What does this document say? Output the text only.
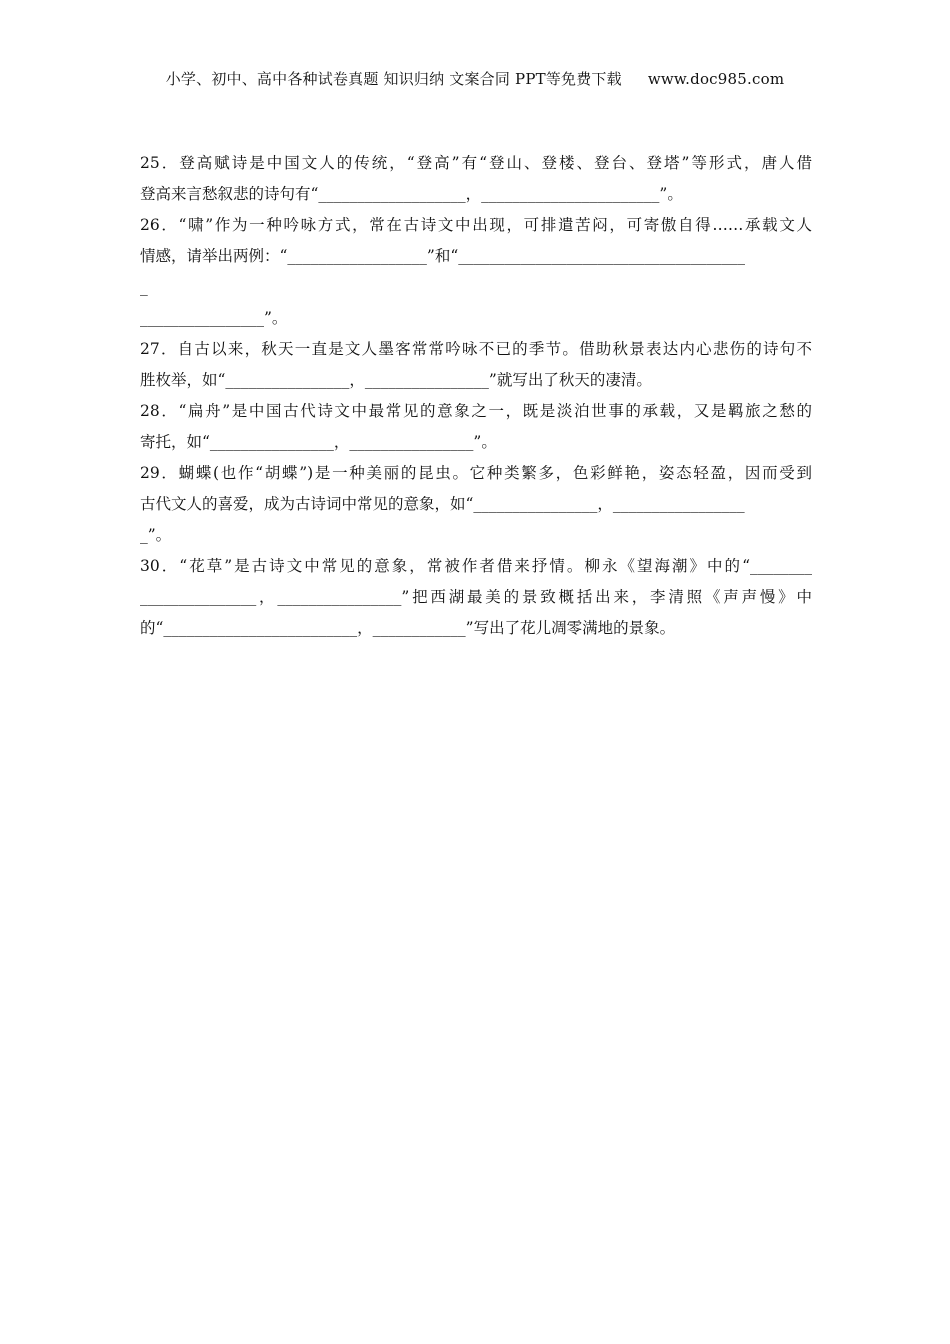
小学、初中、高中各种试卷真题 知识归纳 文案合同 PPT等免费下载 www.doc985.com
25．登高赋诗是中国文人的传统，“登高”有“登山、登楼、登台、登塔”等形式，唐人借
登高来言愁叙悲的诗句有“___________________，_______________________”。
26．“啸”作为一种吟咏方式，常在古诗文中出现，可排遣苦闷，可寄傲自得……承载文人
情感，请举出两例：“__________________”和“_____________________________________
_
________________”。
27．自古以来，秋天一直是文人墨客常常吟咏不已的季节。借助秋景表达内心悲伤的诗句不
胜枚举，如“________________，________________”就写出了秋天的凄清。
28．“扁舟”是中国古代诗文中最常见的意象之一，既是淡泊世事的承载，又是羁旅之愁的
寄托，如“________________，________________”。
29．蝴蝶(也作“胡蝶”)是一种美丽的昆虫。它种类繁多，色彩鲜艳，姿态轻盈，因而受到
古代文人的喜爱，成为古诗词中常见的意象，如“________________，_________________
_”。
30．“花草”是古诗文中常见的意象，常被作者借来抒情。柳永《望海潮》中的“________
_______________，________________”把西湖最美的景致概括出来，李清照《声声慢》中
的“_________________________，____________”写出了花儿凋零满地的景象。
